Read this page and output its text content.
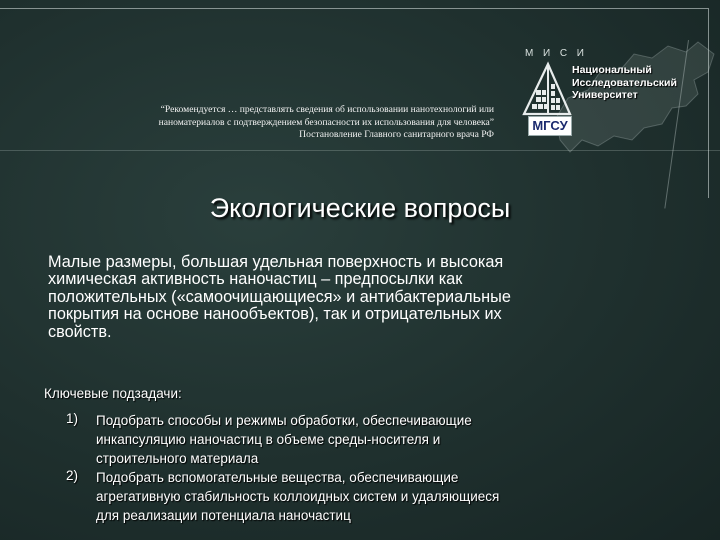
М И С И
МГСУ
Национальный
Исследовательский
Университет
“Рекомендуется … представлять сведения об использовании нанотехнологий или
наноматериалов с подтверждением безопасности их использования для человека”
Постановление Главного санитарного врача РФ
Экологические вопросы
Малые размеры, большая удельная поверхность и высокая
химическая активность наночастиц – предпосылки как
положительных («самоочищающиеся» и антибактериальные
покрытия на основе нанообъектов), так и отрицательных их
свойств.
Ключевые подзадачи:
1) Подобрать способы и режимы обработки, обеспечивающие
инкапсуляцию наночастиц в объеме среды-носителя и
строительного материала
2) Подобрать вспомогательные вещества, обеспечивающие
агрегативную стабильность коллоидных систем и удаляющиеся
для реализации потенциала наночастиц
